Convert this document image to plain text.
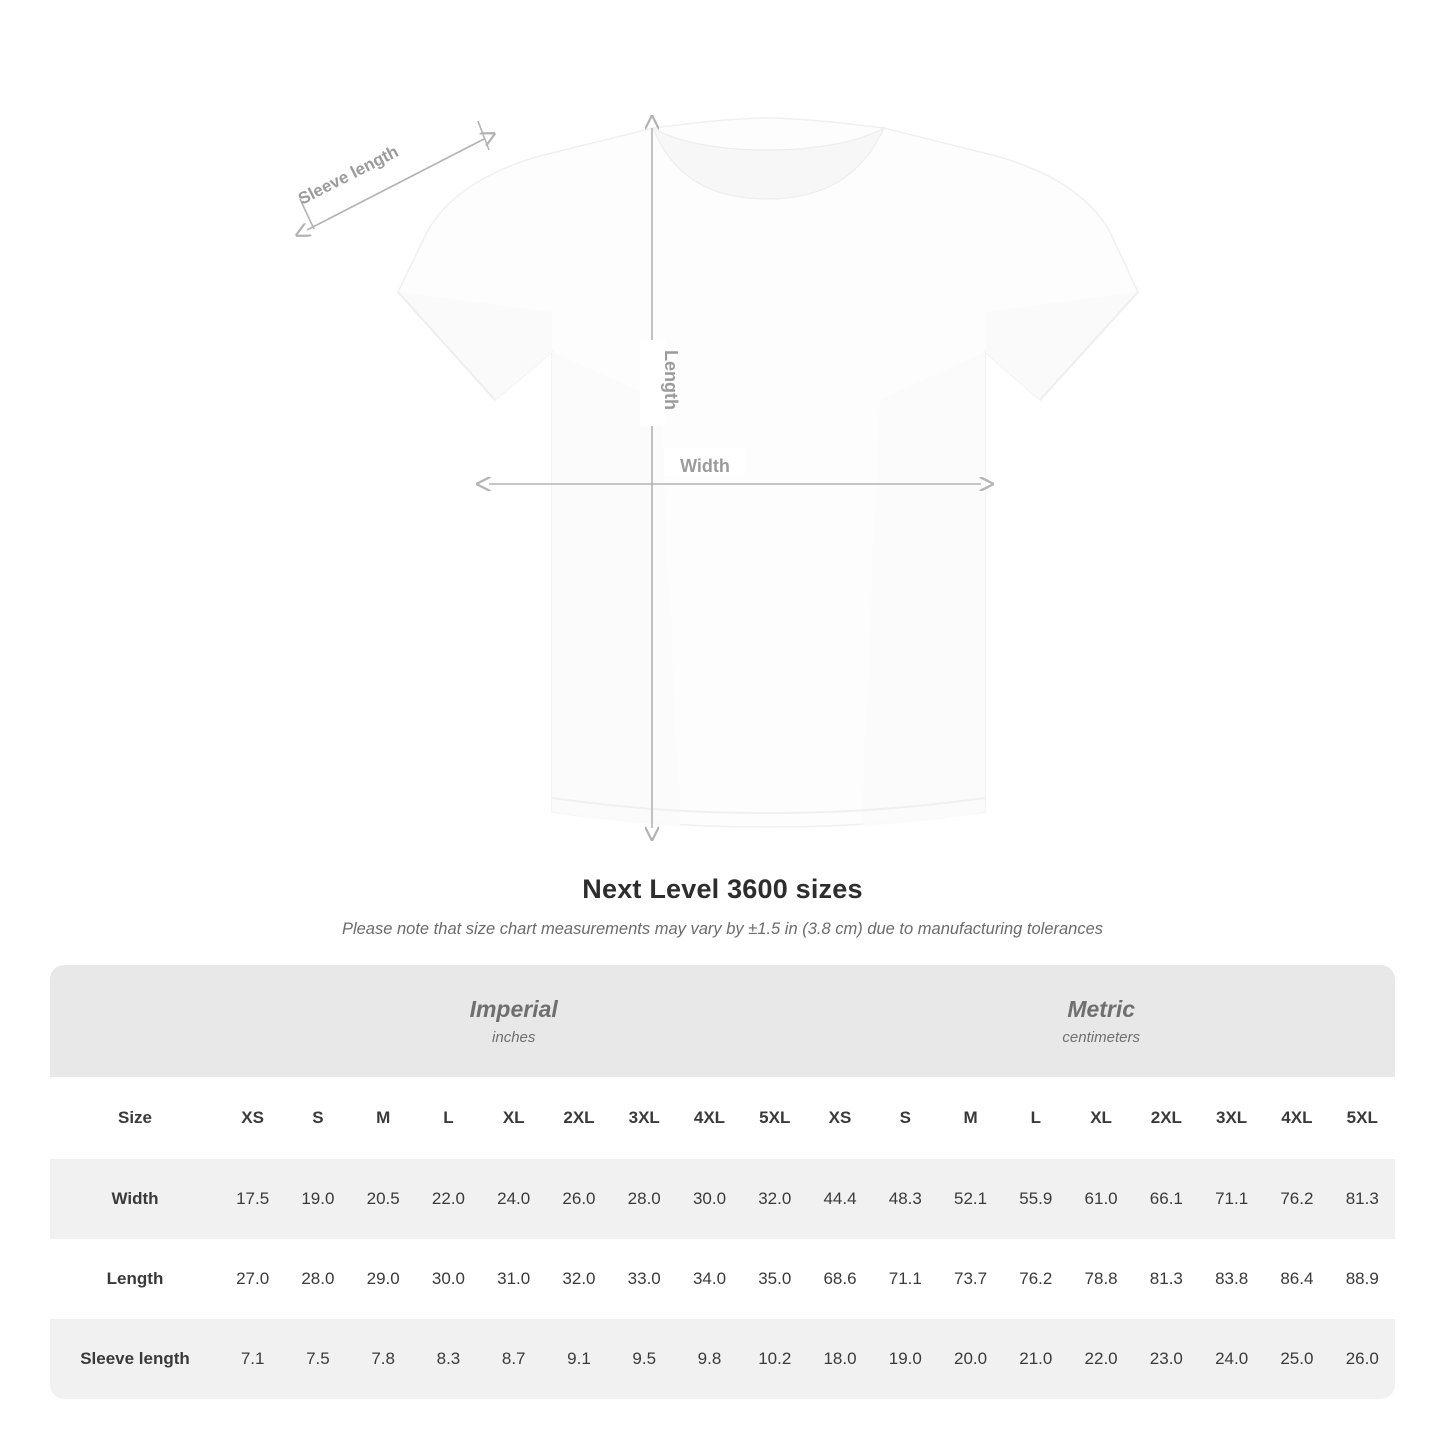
Sleeve length
Length
Width
Next Level 3600 sizes
Please note that size chart measurements may vary by ±1.5 in (3.8 cm) due to manufacturing tolerances

Imperial
inches

Metric
centimeters

Size	XS	S	M	L	XL	2XL	3XL	4XL	5XL	XS	S	M	L	XL	2XL	3XL	4XL	5XL
Width	17.5	19.0	20.5	22.0	24.0	26.0	28.0	30.0	32.0	44.4	48.3	52.1	55.9	61.0	66.1	71.1	76.2	81.3
Length	27.0	28.0	29.0	30.0	31.0	32.0	33.0	34.0	35.0	68.6	71.1	73.7	76.2	78.8	81.3	83.8	86.4	88.9
Sleeve length	7.1	7.5	7.8	8.3	8.7	9.1	9.5	9.8	10.2	18.0	19.0	20.0	21.0	22.0	23.0	24.0	25.0	26.0
